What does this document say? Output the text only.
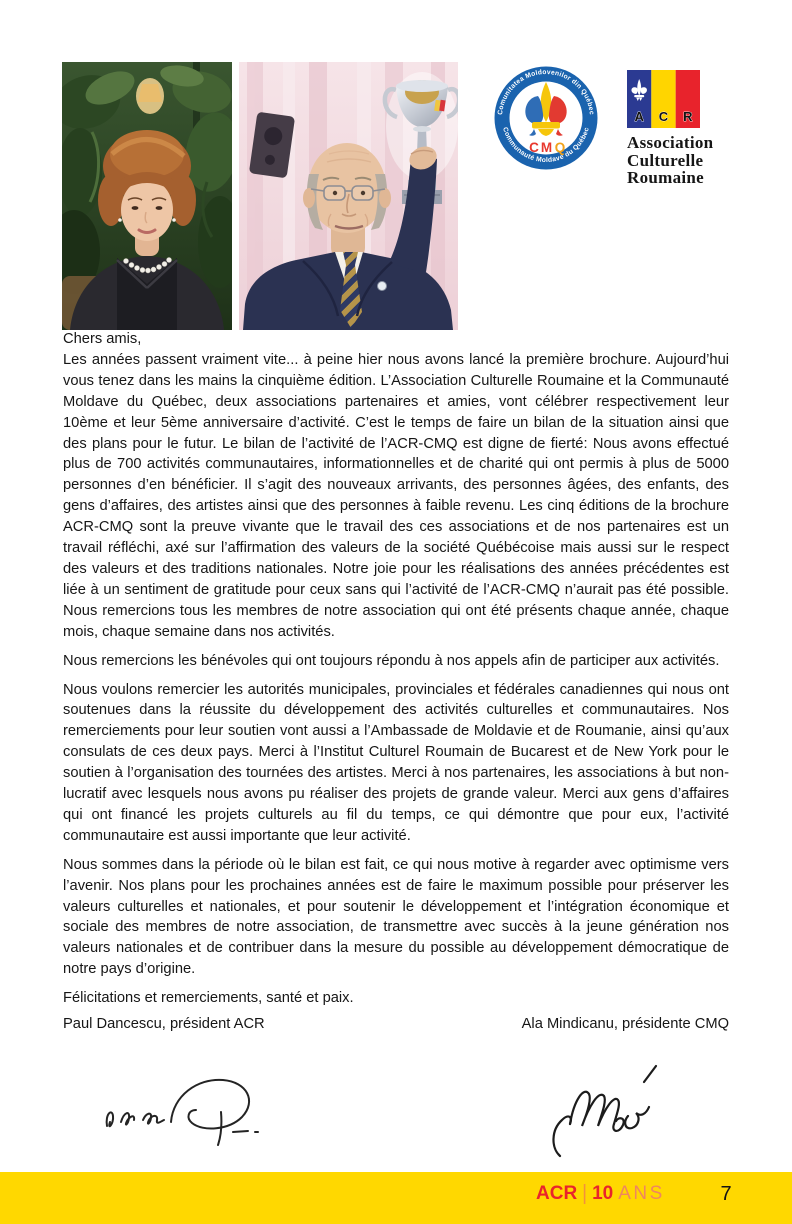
Comunitatea Moldovenilor din Québec
Communauté Moldave du Québec
C M Q
A C R
Association
Culturelle
Roumaine
Chers amis,

Les années passent vraiment vite... à peine hier nous avons lancé la première brochure. Aujourd’hui vous tenez dans les mains la cinquième édition. L’Association Culturelle Roumaine et la Communauté Moldave du Québec, deux associations partenaires et amies, vont célébrer respectivement leur 10ème et leur 5ème anniversaire d’activité. C’est le temps de faire un bilan de la situation ainsi que des plans pour le futur. Le bilan de l’activité de l’ACR-CMQ est digne de fierté: Nous avons effectué plus de 700 activités communautaires, informationnelles et de charité qui ont permis à plus de 5000 personnes d’en bénéficier. Il s’agit des nouveaux arrivants, des personnes âgées, des enfants, des gens d’affaires, des artistes ainsi que des personnes à faible revenu. Les cinq éditions de la brochure ACR-CMQ sont la preuve vivante que le travail des ces associations et de nos partenaires est un travail réfléchi, axé sur l’affirmation des valeurs de la société Québécoise mais aussi sur le respect des valeurs et des traditions nationales. Notre joie pour les réalisations des années précédentes est liée à un sentiment de gratitude pour ceux sans qui l’activité de l’ACR-CMQ n’aurait pas été possible. Nous remercions tous les membres de notre association qui ont été présents chaque année, chaque mois, chaque semaine dans nos activités.

Nous remercions les bénévoles qui ont toujours répondu à nos appels afin de participer aux activités.

Nous voulons remercier les autorités municipales, provinciales et fédérales canadiennes qui nous ont soutenues dans la réussite du développement des activités culturelles et communautaires. Nos remerciements pour leur soutien vont aussi a l’Ambassade de Moldavie et de Roumanie, ainsi qu’aux consulats de ces deux pays. Merci à l’Institut Culturel Roumain de Bucarest et de New York pour le soutien à l’organisation des tournées des artistes. Merci à nos partenaires, les associations à but non-lucratif avec lesquels nous avons pu réaliser des projets de grande valeur. Merci aux gens d’affaires qui ont financé les projets culturels au fil du temps, ce qui démontre que pour eux, l’activité communautaire est aussi importante que leur activité.

Nous sommes dans la période où le bilan est fait, ce qui nous motive à regarder avec optimisme vers l’avenir. Nos plans pour les prochaines années est de faire le maximum possible pour préserver les valeurs culturelles et nationales, et pour soutenir le développement et l’intégration économique et sociale des membres de notre association, de transmettre avec succès à la jeune génération nos valeurs nationales et de contribuer dans la mesure du possible au développement démocratique de notre pays d’origine.

Félicitations et remerciements, santé et paix.

Paul Dancescu, président ACR	Ala Mindicanu, présidente CMQ
ACR | 10 ANS	7
